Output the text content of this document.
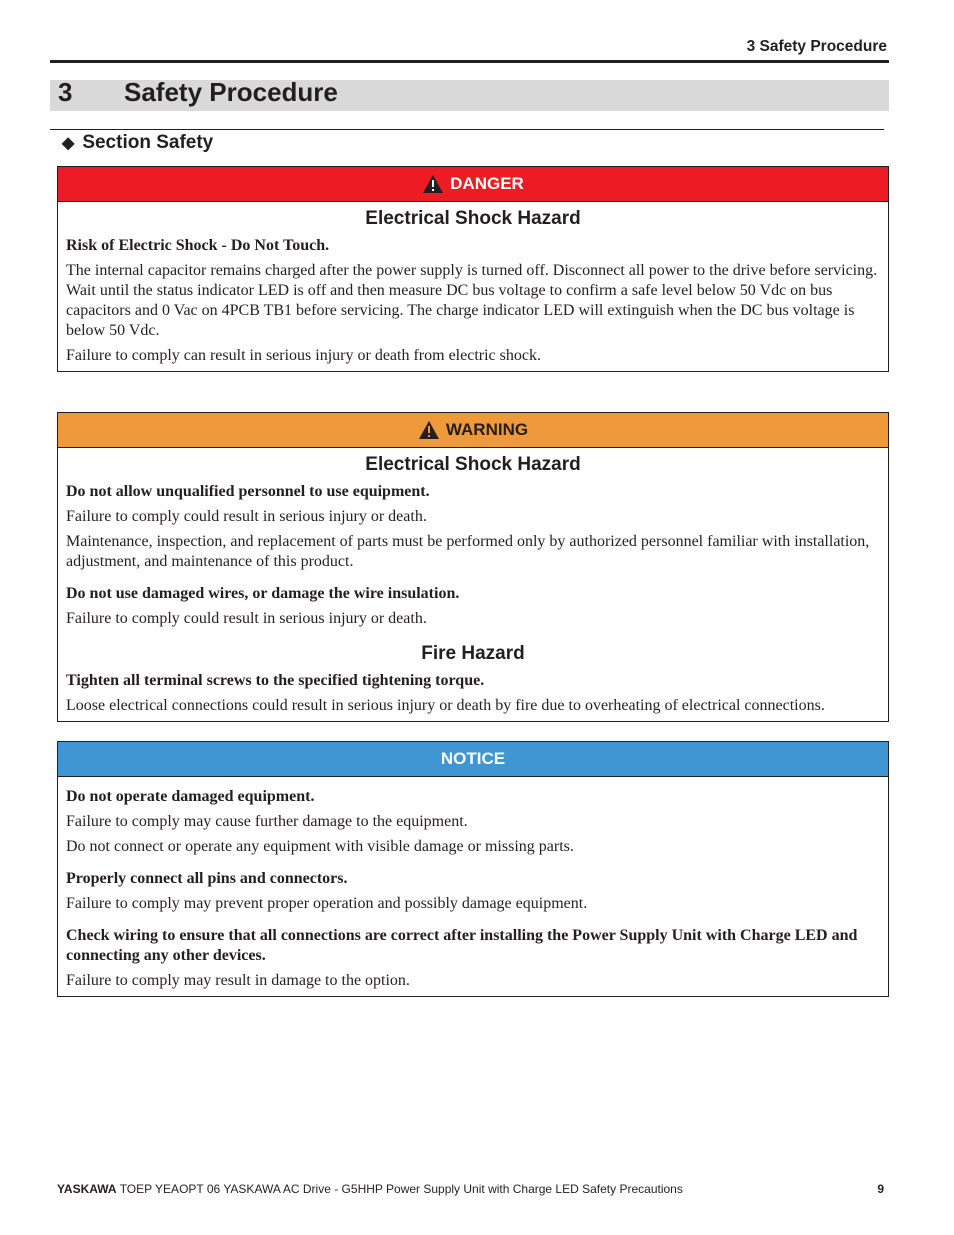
3 Safety Procedure
3 Safety Procedure
◆ Section Safety
DANGER
Electrical Shock Hazard

Risk of Electric Shock - Do Not Touch.

The internal capacitor remains charged after the power supply is turned off. Disconnect all power to the drive before servicing.

Wait until the status indicator LED is off and then measure DC bus voltage to confirm a safe level below 50 Vdc on bus capacitors and 0 Vac on 4PCB TB1 before servicing. The charge indicator LED will extinguish when the DC bus voltage is below 50 Vdc.

Failure to comply can result in serious injury or death from electric shock.

WARNING
Electrical Shock Hazard

Do not allow unqualified personnel to use equipment.

Failure to comply could result in serious injury or death.

Maintenance, inspection, and replacement of parts must be performed only by authorized personnel familiar with installation, adjustment, and maintenance of this product.

Do not use damaged wires, or damage the wire insulation.

Failure to comply could result in serious injury or death.

Fire Hazard

Tighten all terminal screws to the specified tightening torque.

Loose electrical connections could result in serious injury or death by fire due to overheating of electrical connections.

NOTICE

Do not operate damaged equipment.

Failure to comply may cause further damage to the equipment.

Do not connect or operate any equipment with visible damage or missing parts.

Properly connect all pins and connectors.

Failure to comply may prevent proper operation and possibly damage equipment.

Check wiring to ensure that all connections are correct after installing the Power Supply Unit with Charge LED and connecting any other devices.

Failure to comply may result in damage to the option.

YASKAWA TOEP YEAOPT 06 YASKAWA AC Drive - G5HHP Power Supply Unit with Charge LED Safety Precautions	9
